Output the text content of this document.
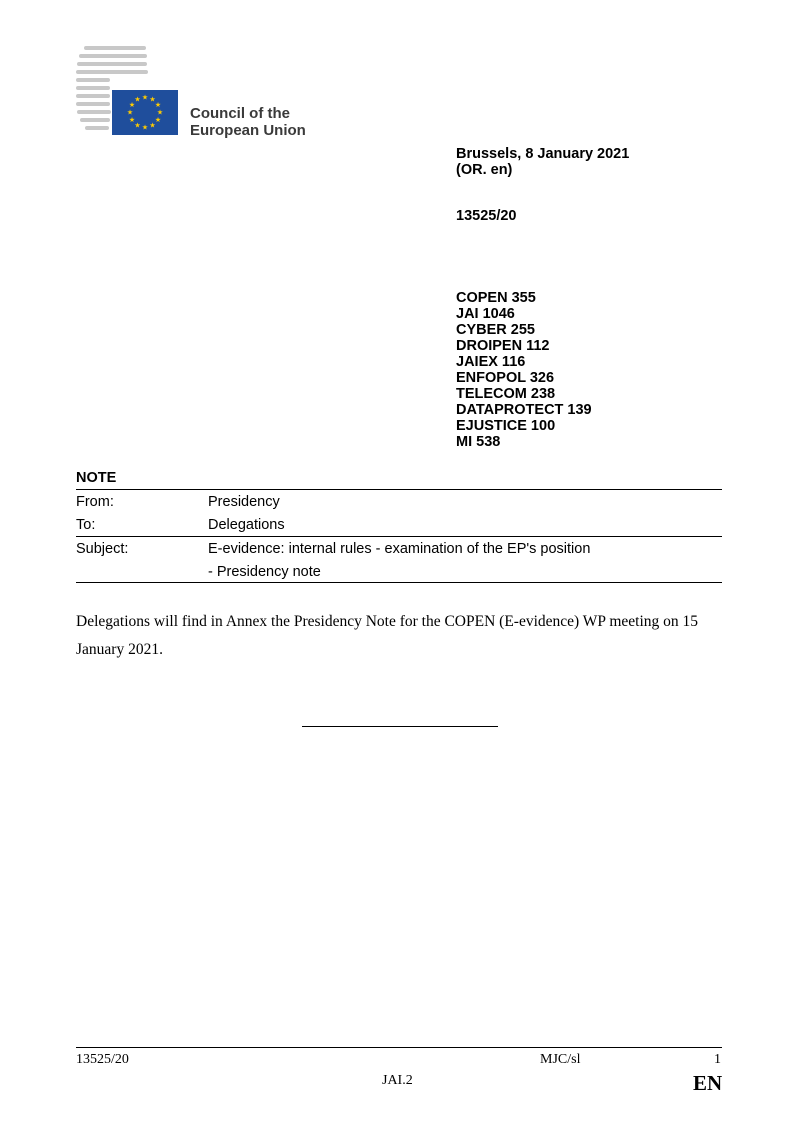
★ ★
★
★
★
★
★
★
★
★
★
★
Council of the
European Union
Brussels, 8 January 2021
(OR. en)
13525/20
COPEN 355
JAI 1046
CYBER 255
DROIPEN 112
JAIEX 116
ENFOPOL 326
TELECOM 238
DATAPROTECT 139
EJUSTICE 100
MI 538
NOTE
From:	Presidency
To:	Delegations
Subject:	E-evidence: internal rules - examination of the EP's position
- Presidency note
Delegations will find in Annex the Presidency Note for the COPEN (E-evidence) WP meeting on 15 January 2021.
13525/20	MJC/sl	1
JAI.2	EN
